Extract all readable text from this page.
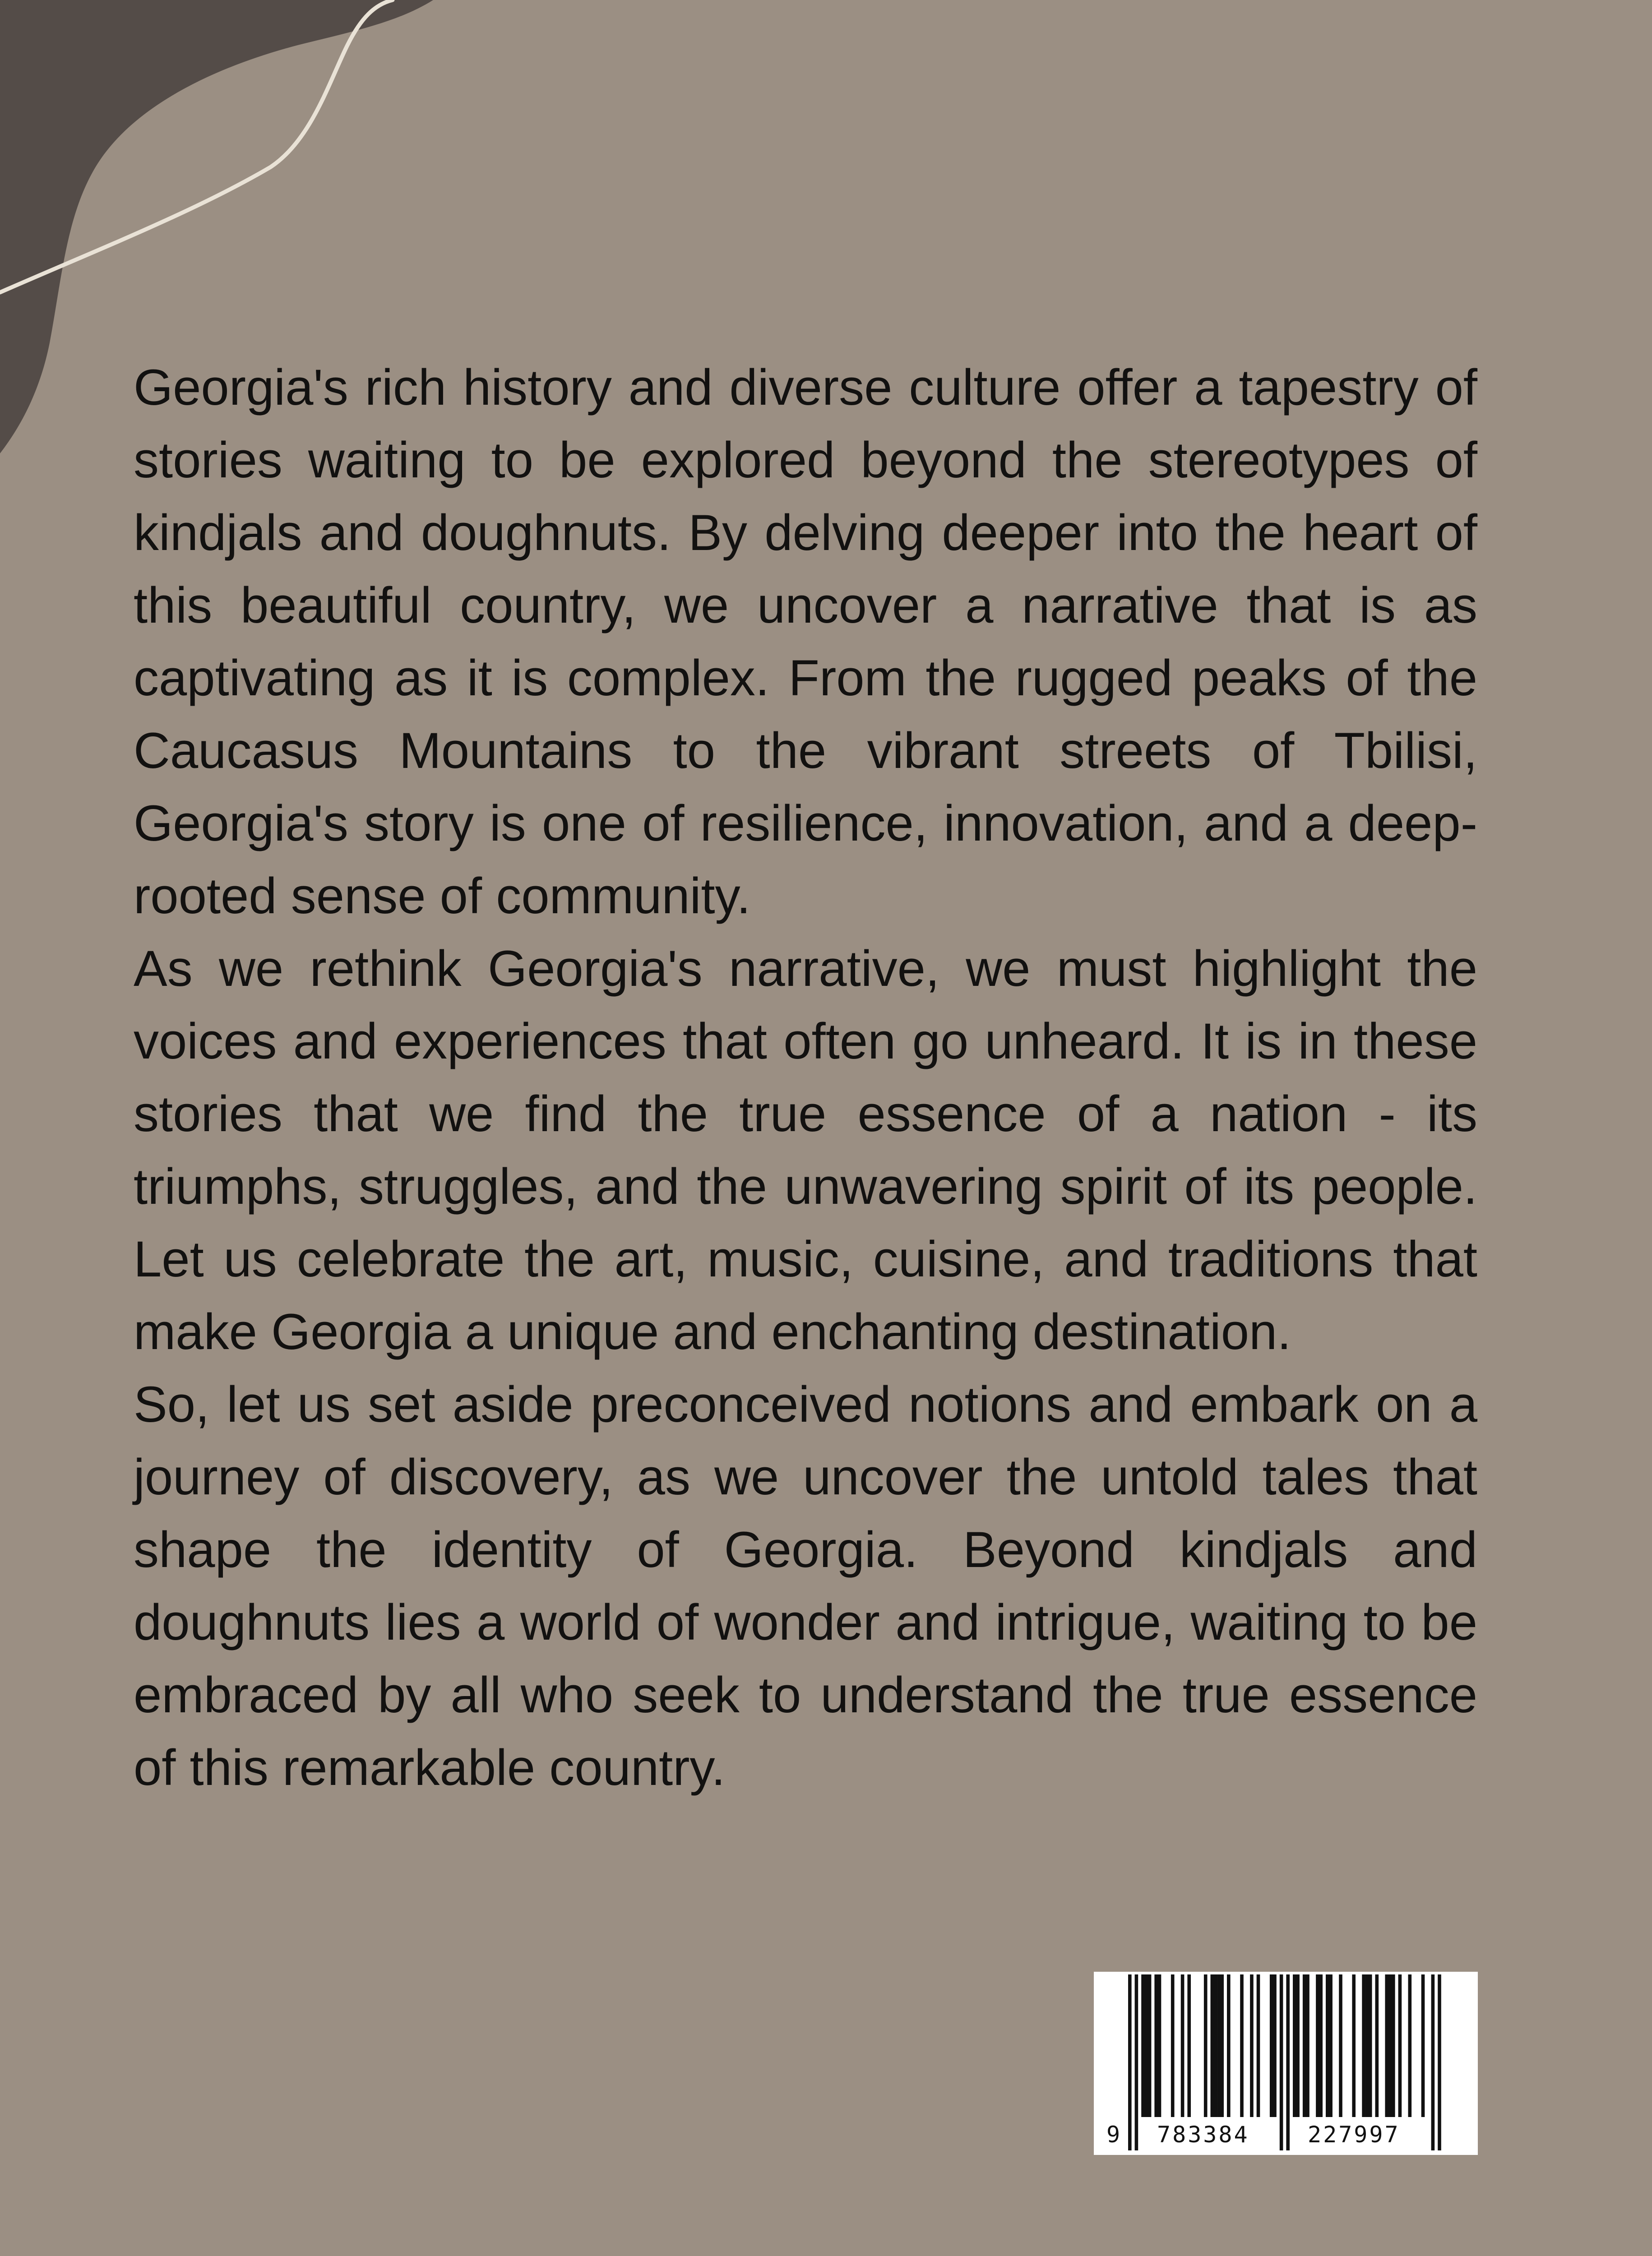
Georgia's rich history and diverse culture offer a tapestry of stories waiting to be explored beyond the stereotypes of kindjals and doughnuts. By delving deeper into the heart of this beautiful country, we uncover a narrative that is as captivating as it is complex. From the rugged peaks of the Caucasus Mountains to the vibrant streets of Tbilisi, Georgia's story is one of resilience, innovation, and a deep-rooted sense of community.

As we rethink Georgia's narrative, we must highlight the voices and experiences that often go unheard. It is in these stories that we find the true essence of a nation - its triumphs, struggles, and the unwavering spirit of its people. Let us celebrate the art, music, cuisine, and traditions that make Georgia a unique and enchanting destination.

So, let us set aside preconceived notions and embark on a journey of discovery, as we uncover the untold tales that shape the identity of Georgia. Beyond kindjals and doughnuts lies a world of wonder and intrigue, waiting to be embraced by all who seek to understand the true essence of this remarkable country.

9 783384	227997
